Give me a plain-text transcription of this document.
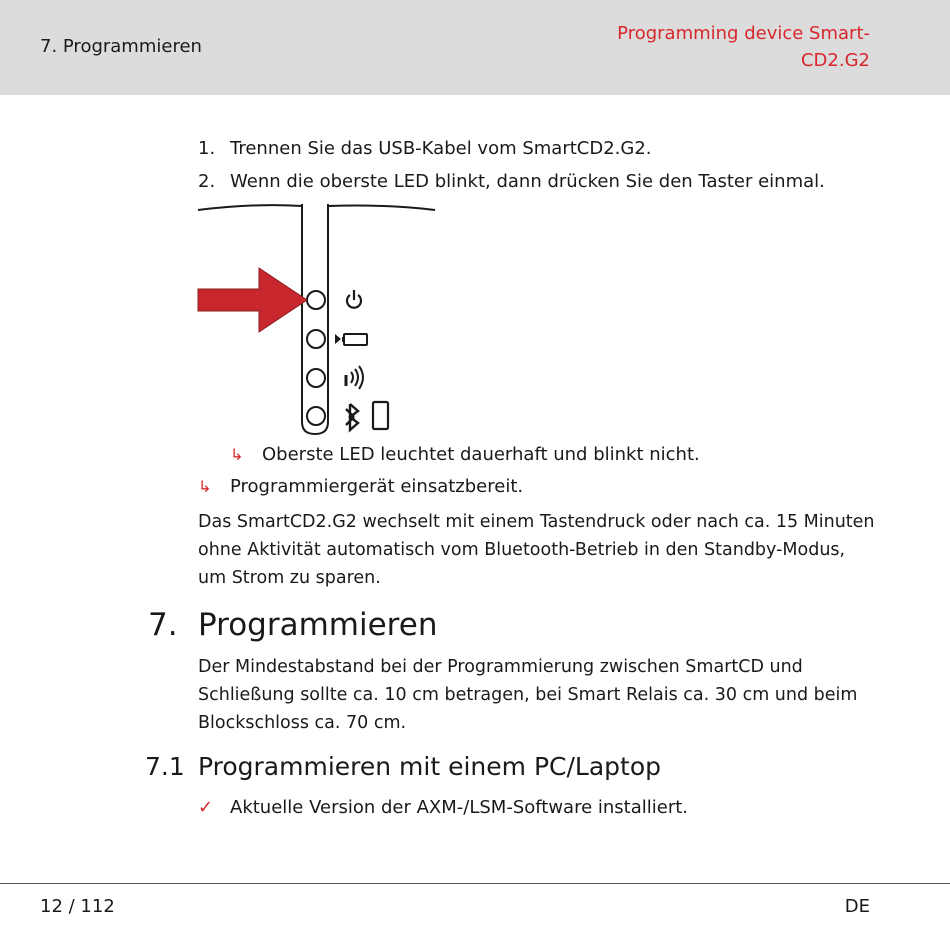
7. Programmieren
Programming device Smart-
CD2.G2
1. Trennen Sie das USB-Kabel vom SmartCD2.G2.
2. Wenn die oberste LED blinkt, dann drücken Sie den Taster einmal.
↳ Oberste LED leuchtet dauerhaft und blinkt nicht.
↳ Programmiergerät einsatzbereit.
Das SmartCD2.G2 wechselt mit einem Tastendruck oder nach ca. 15 Minuten ohne Aktivität automatisch vom Bluetooth-Betrieb in den Standby-Modus, um Strom zu sparen.
7. Programmieren
Der Mindestabstand bei der Programmierung zwischen SmartCD und Schließung sollte ca. 10 cm betragen, bei Smart Relais ca. 30 cm und beim Blockschloss ca. 70 cm.
7.1 Programmieren mit einem PC/Laptop
✓ Aktuelle Version der AXM-/LSM-Software installiert.
12 / 112	DE
